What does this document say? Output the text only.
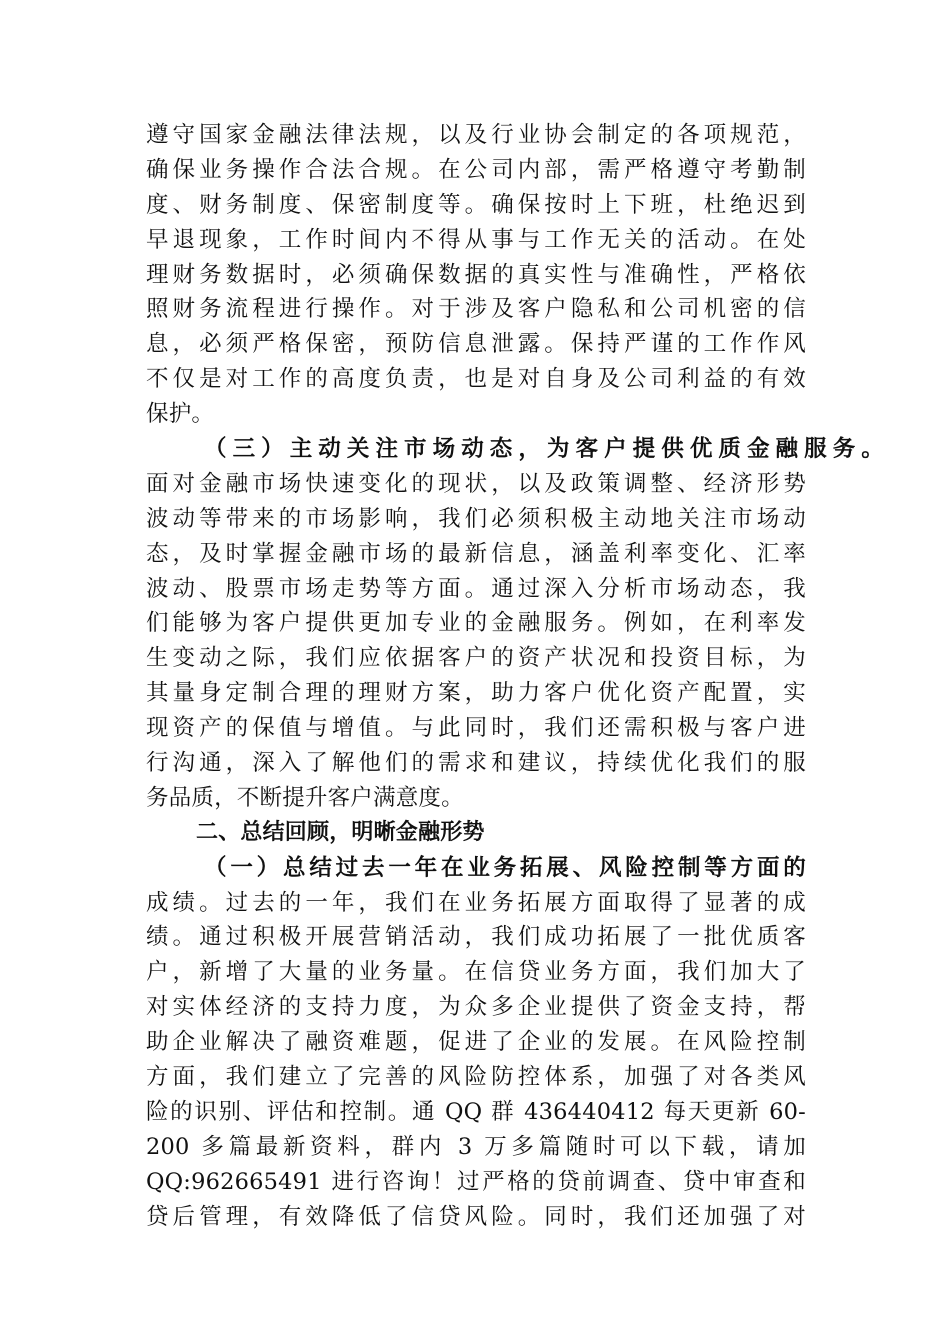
遵守国家金融法律法规，以及行业协会制定的各项规范，
确保业务操作合法合规。在公司内部，需严格遵守考勤制
度、财务制度、保密制度等。确保按时上下班，杜绝迟到
早退现象，工作时间内不得从事与工作无关的活动。在处
理财务数据时，必须确保数据的真实性与准确性，严格依
照财务流程进行操作。对于涉及客户隐私和公司机密的信
息，必须严格保密，预防信息泄露。保持严谨的工作作风
不仅是对工作的高度负责，也是对自身及公司利益的有效
保护。
（三）主动关注市场动态，为客户提供优质金融服务。
面对金融市场快速变化的现状，以及政策调整、经济形势
波动等带来的市场影响，我们必须积极主动地关注市场动
态，及时掌握金融市场的最新信息，涵盖利率变化、汇率
波动、股票市场走势等方面。通过深入分析市场动态，我
们能够为客户提供更加专业的金融服务。例如，在利率发
生变动之际，我们应依据客户的资产状况和投资目标，为
其量身定制合理的理财方案，助力客户优化资产配置，实
现资产的保值与增值。与此同时，我们还需积极与客户进
行沟通，深入了解他们的需求和建议，持续优化我们的服
务品质，不断提升客户满意度。
二、总结回顾，明晰金融形势
（一）总结过去一年在业务拓展、风险控制等方面的
成绩。过去的一年，我们在业务拓展方面取得了显著的成
绩。通过积极开展营销活动，我们成功拓展了一批优质客
户，新增了大量的业务量。在信贷业务方面，我们加大了
对实体经济的支持力度，为众多企业提供了资金支持，帮
助企业解决了融资难题，促进了企业的发展。在风险控制
方面，我们建立了完善的风险防控体系，加强了对各类风
险的识别、评估和控制。通 QQ 群 436440412 每天更新 60-
200 多篇最新资料，群内 3 万多篇随时可以下载，请加
QQ:962665491 进行咨询！过严格的贷前调查、贷中审查和
贷后管理，有效降低了信贷风险。同时，我们还加强了对
